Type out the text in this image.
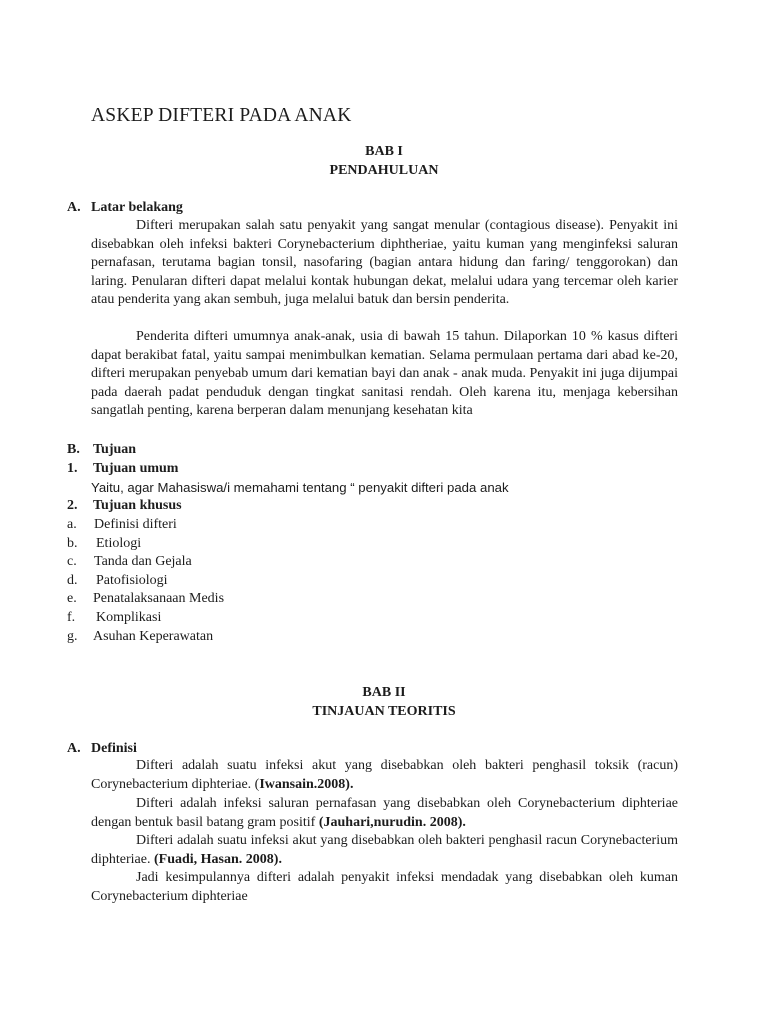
ASKEP DIFTERI PADA ANAK
BAB I
PENDAHULUAN
A. Latar belakang
Difteri merupakan salah satu penyakit yang sangat menular (contagious disease). Penyakit ini disebabkan oleh infeksi bakteri Corynebacterium diphtheriae, yaitu kuman yang menginfeksi saluran pernafasan, terutama bagian tonsil, nasofaring (bagian antara hidung dan faring/ tenggorokan) dan laring. Penularan difteri dapat melalui kontak hubungan dekat, melalui udara yang tercemar oleh karier atau penderita yang akan sembuh, juga melalui batuk dan bersin penderita.
Penderita difteri umumnya anak-anak, usia di bawah 15 tahun. Dilaporkan 10 % kasus difteri dapat berakibat fatal, yaitu sampai menimbulkan kematian. Selama permulaan pertama dari abad ke-20, difteri merupakan penyebab umum dari kematian bayi dan anak - anak muda. Penyakit ini juga dijumpai pada daerah padat penduduk dengan tingkat sanitasi rendah. Oleh karena itu, menjaga kebersihan sangatlah penting, karena berperan dalam menunjang kesehatan kita
B. Tujuan
1. Tujuan umum
Yaitu, agar Mahasiswa/i memahami tentang “ penyakit difteri pada anak
2. Tujuan khusus
a. Definisi difteri
b. Etiologi
c. Tanda dan Gejala
d. Patofisiologi
e. Penatalaksanaan Medis
f. Komplikasi
g. Asuhan Keperawatan
BAB II
TINJAUAN TEORITIS
A. Definisi
Difteri adalah suatu infeksi akut yang disebabkan oleh bakteri penghasil toksik (racun) Corynebacterium diphteriae. (Iwansain.2008).
Difteri adalah infeksi saluran pernafasan yang disebabkan oleh Corynebacterium diphteriae dengan bentuk basil batang gram positif (Jauhari,nurudin. 2008).
Difteri adalah suatu infeksi akut yang disebabkan oleh bakteri penghasil racun Corynebacterium diphteriae. (Fuadi, Hasan. 2008).
Jadi kesimpulannya difteri adalah penyakit infeksi mendadak yang disebabkan oleh kuman Corynebacterium diphteriae
